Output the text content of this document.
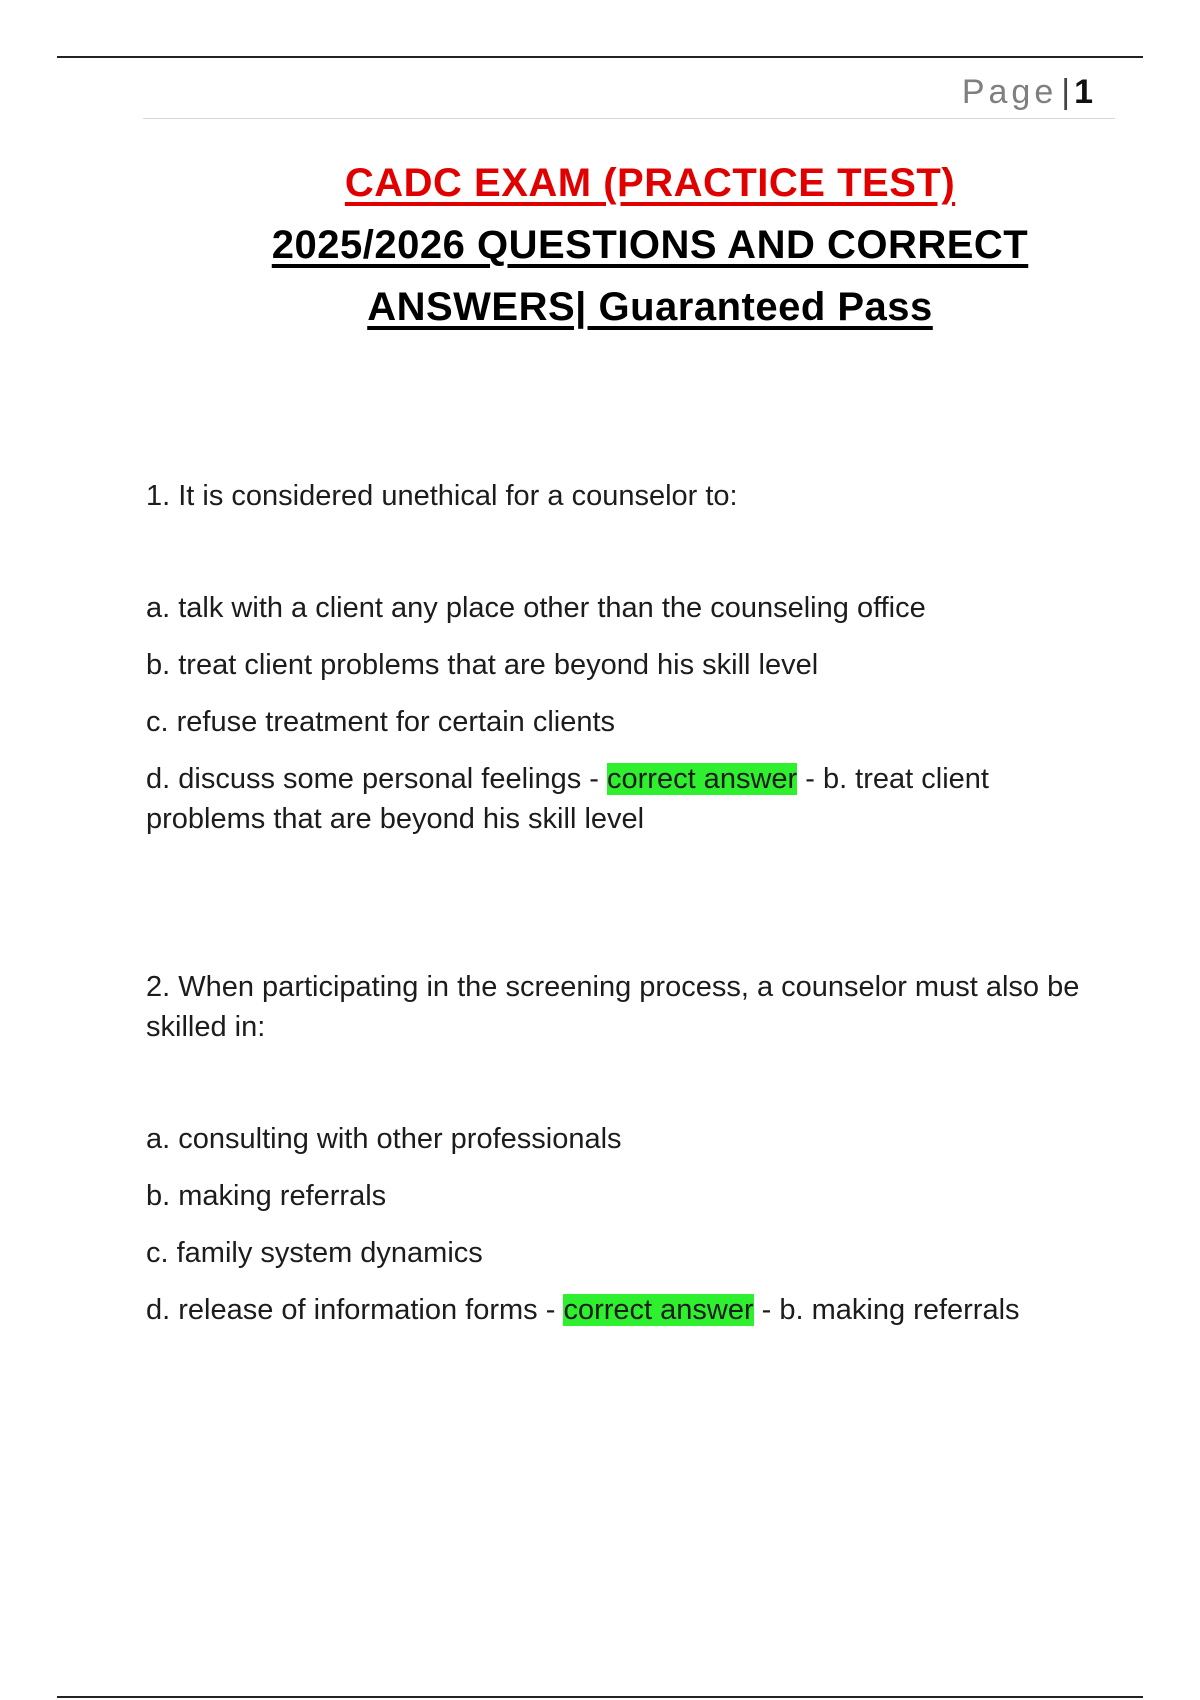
Page | 1
CADC EXAM (PRACTICE TEST)
2025/2026 QUESTIONS AND CORRECT
ANSWERS| Guaranteed Pass

1. It is considered unethical for a counselor to:

a. talk with a client any place other than the counseling office

b. treat client problems that are beyond his skill level

c. refuse treatment for certain clients

d. discuss some personal feelings - correct answer - b. treat client problems that are beyond his skill level

2. When participating in the screening process, a counselor must also be skilled in:

a. consulting with other professionals

b. making referrals

c. family system dynamics

d. release of information forms - correct answer - b. making referrals
